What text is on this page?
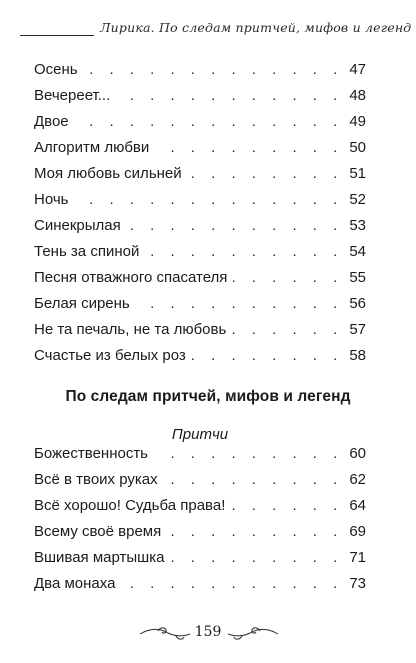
Лирика. По следам притчей, мифов и легенд
Осень . . .	47
Вечереет... . . .	48
Двое . . .	49
Алгоритм любви . . .	50
Моя любовь сильней . . .	51
Ночь . . .	52
Синекрылая . . .	53
Тень за спиной . . .	54
Песня отважного спасателя . . .	55
Белая сирень . . .	56
Не та печаль, не та любовь . . .	57
Счастье из белых роз . . .	58
По следам притчей, мифов и легенд
Притчи
Божественность . . .	60
Всё в твоих руках . . .	62
Всё хорошо! Судьба права! . . .	64
Всему своё время . . .	69
Вшивая мартышка . . .	71
Два монаха . . .	73
159
